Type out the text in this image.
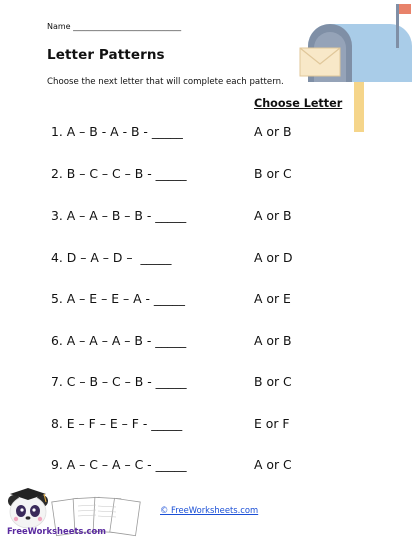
Name ___________________________
Letter Patterns
Choose the next letter that will complete each pattern.
Choose Letter
1. A – B - A - B - _____	A or B
2. B – C – C – B - _____	B or C
3. A – A – B – B - _____	A or B
4. D – A – D –  _____	A or D
5. A – E – E – A - _____	A or E
6. A – A – A – B - _____	A or B
7. C – B – C – B - _____	B or C
8. E – F – E – F - _____	E or F
9. A – C – A – C - _____	A or C
FreeWorksheets.com
© FreeWorksheets.com
